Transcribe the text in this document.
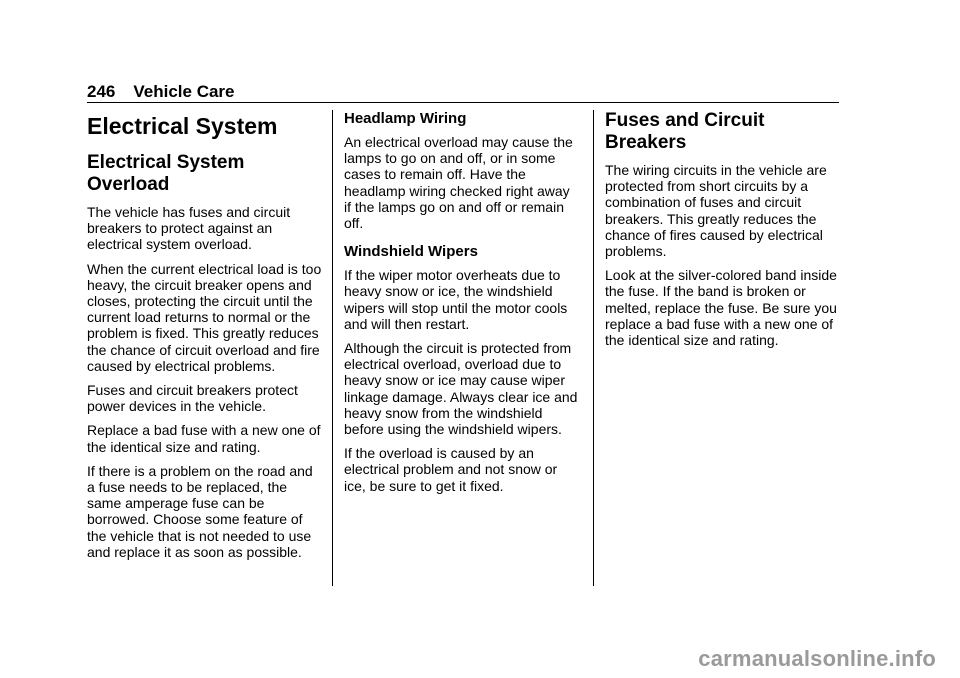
246 Vehicle Care
Electrical System
Electrical System Overload

The vehicle has fuses and circuit breakers to protect against an electrical system overload.

When the current electrical load is too heavy, the circuit breaker opens and closes, protecting the circuit until the current load returns to normal or the problem is fixed. This greatly reduces the chance of circuit overload and fire caused by electrical problems.

Fuses and circuit breakers protect power devices in the vehicle.

Replace a bad fuse with a new one of the identical size and rating.

If there is a problem on the road and a fuse needs to be replaced, the same amperage fuse can be borrowed. Choose some feature of the vehicle that is not needed to use and replace it as soon as possible.

Headlamp Wiring

An electrical overload may cause the lamps to go on and off, or in some cases to remain off. Have the headlamp wiring checked right away if the lamps go on and off or remain off.

Windshield Wipers

If the wiper motor overheats due to heavy snow or ice, the windshield wipers will stop until the motor cools and will then restart.

Although the circuit is protected from electrical overload, overload due to heavy snow or ice may cause wiper linkage damage. Always clear ice and heavy snow from the windshield before using the windshield wipers.

If the overload is caused by an electrical problem and not snow or ice, be sure to get it fixed.

Fuses and Circuit Breakers

The wiring circuits in the vehicle are protected from short circuits by a combination of fuses and circuit breakers. This greatly reduces the chance of fires caused by electrical problems.

Look at the silver-colored band inside the fuse. If the band is broken or melted, replace the fuse. Be sure you replace a bad fuse with a new one of the identical size and rating.

carmanualsonline.info
